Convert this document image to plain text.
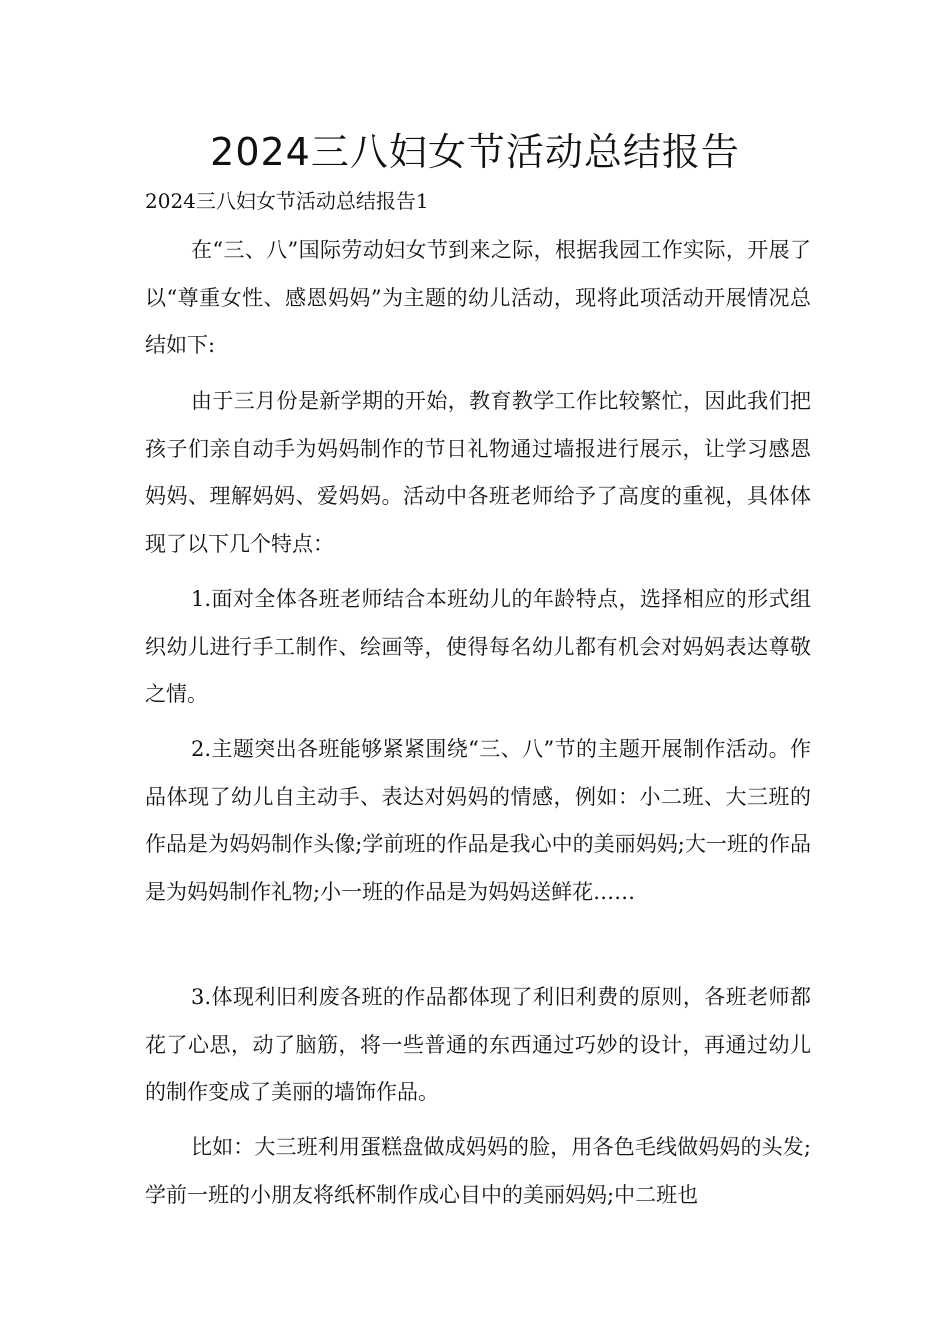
2024三八妇女节活动总结报告

2024三八妇女节活动总结报告1

在“三、八”国际劳动妇女节到来之际，根据我园工作实际，开展了以“尊重女性、感恩妈妈”为主题的幼儿活动，现将此项活动开展情况总结如下:

由于三月份是新学期的开始，教育教学工作比较繁忙，因此我们把孩子们亲自动手为妈妈制作的节日礼物通过墙报进行展示，让学习感恩妈妈、理解妈妈、爱妈妈。活动中各班老师给予了高度的重视，具体体现了以下几个特点：

1.面对全体各班老师结合本班幼儿的年龄特点，选择相应的形式组织幼儿进行手工制作、绘画等，使得每名幼儿都有机会对妈妈表达尊敬之情。

2.主题突出各班能够紧紧围绕“三、八”节的主题开展制作活动。作品体现了幼儿自主动手、表达对妈妈的情感，例如：小二班、大三班的作品是为妈妈制作头像;学前班的作品是我心中的美丽妈妈;大一班的作品是为妈妈制作礼物;小一班的作品是为妈妈送鲜花……

3.体现利旧利废各班的作品都体现了利旧利费的原则，各班老师都花了心思，动了脑筋，将一些普通的东西通过巧妙的设计，再通过幼儿的制作变成了美丽的墙饰作品。

比如：大三班利用蛋糕盘做成妈妈的脸，用各色毛线做妈妈的头发;学前一班的小朋友将纸杯制作成心目中的美丽妈妈;中二班也
